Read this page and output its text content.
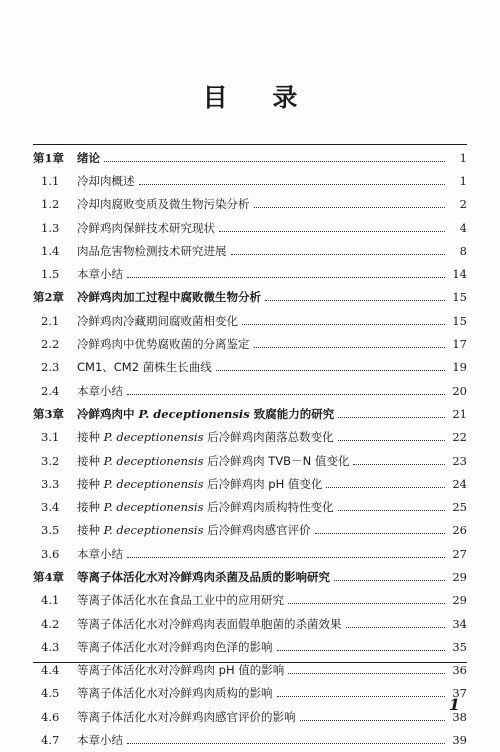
目 录
第1章	绪论	1
1.1	冷却肉概述	1
1.2	冷却肉腐败变质及微生物污染分析	2
1.3	冷鲜鸡肉保鲜技术研究现状	4
1.4	肉品危害物检测技术研究进展	8
1.5	本章小结	14
第2章	冷鲜鸡肉加工过程中腐败微生物分析	15
2.1	冷鲜鸡肉冷藏期间腐败菌相变化	15
2.2	冷鲜鸡肉中优势腐败菌的分离鉴定	17
2.3	CM1、CM2 菌株生长曲线	19
2.4	本章小结	20
第3章	冷鲜鸡肉中 P. deceptionensis 致腐能力的研究	21
3.1	接种 P. deceptionensis 后冷鲜鸡肉菌落总数变化	22
3.2	接种 P. deceptionensis 后冷鲜鸡肉 TVB－N 值变化	23
3.3	接种 P. deceptionensis 后冷鲜鸡肉 pH 值变化	24
3.4	接种 P. deceptionensis 后冷鲜鸡肉质构特性变化	25
3.5	接种 P. deceptionensis 后冷鲜鸡肉感官评价	26
3.6	本章小结	27
第4章	等离子体活化水对冷鲜鸡肉杀菌及品质的影响研究	29
4.1	等离子体活化水在食品工业中的应用研究	29
4.2	等离子体活化水对冷鲜鸡肉表面假单胞菌的杀菌效果	34
4.3	等离子体活化水对冷鲜鸡肉色泽的影响	35
4.4	等离子体活化水对冷鲜鸡肉 pH 值的影响	36
4.5	等离子体活化水对冷鲜鸡肉质构的影响	37
4.6	等离子体活化水对冷鲜鸡肉感官评价的影响	38
4.7	本章小结	39
1
